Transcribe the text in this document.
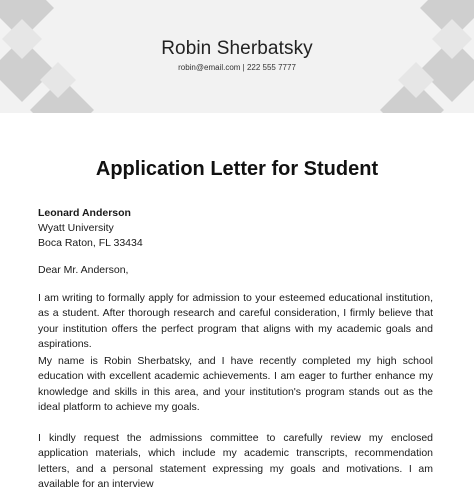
Robin Sherbatsky
robin@email.com | 222 555 7777
Application Letter for Student
Leonard Anderson
Wyatt University
Boca Raton, FL 33434
Dear Mr. Anderson,
I am writing to formally apply for admission to your esteemed educational institution, as a student. After thorough research and careful consideration, I firmly believe that your institution offers the perfect program that aligns with my academic goals and aspirations.
My name is Robin Sherbatsky, and I have recently completed my high school education with excellent academic achievements. I am eager to further enhance my knowledge and skills in this area, and your institution's program stands out as the ideal platform to achieve my goals.
I kindly request the admissions committee to carefully review my enclosed application materials, which include my academic transcripts, recommendation letters, and a personal statement expressing my goals and motivations. I am available for an interview
